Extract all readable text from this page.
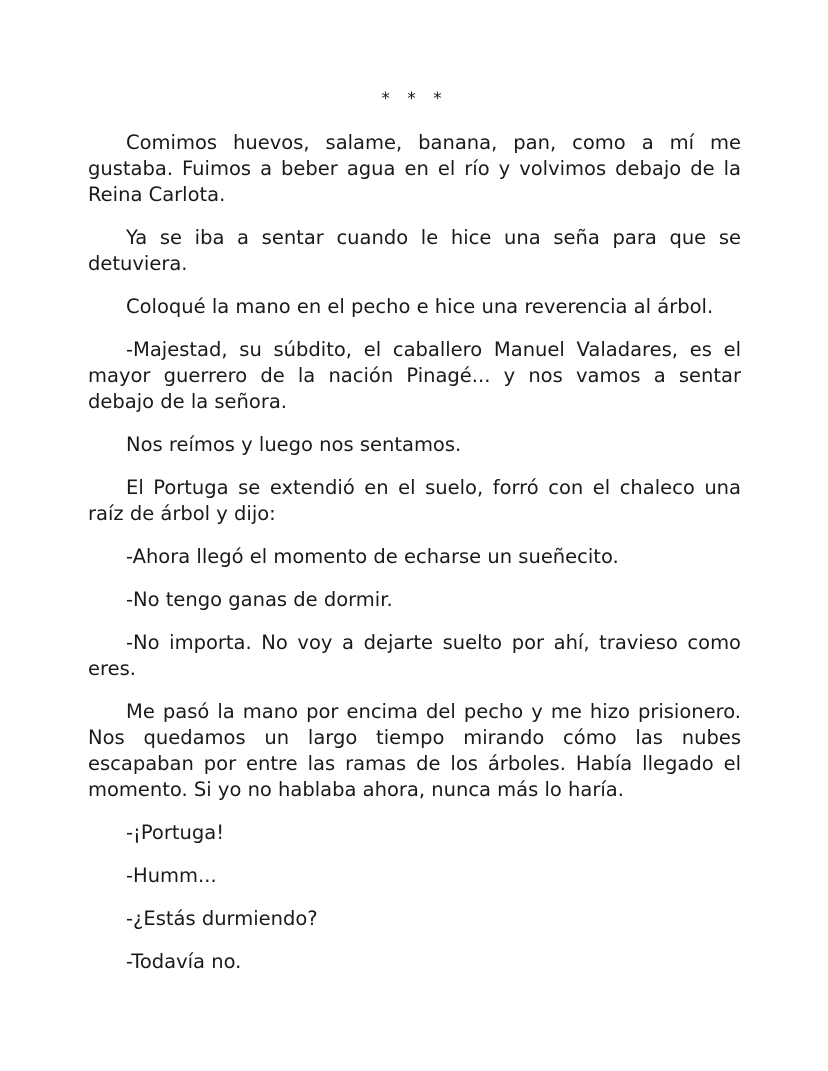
* * *

Comimos huevos, salame, banana, pan, como a mí me gustaba. Fuimos a beber agua en el río y volvimos debajo de la Reina Carlota.

Ya se iba a sentar cuando le hice una seña para que se detuviera.

Coloqué la mano en el pecho e hice una reverencia al árbol.

-Majestad, su súbdito, el caballero Manuel Valadares, es el mayor guerrero de la nación Pinagé... y nos vamos a sentar debajo de la señora.

Nos reímos y luego nos sentamos.

El Portuga se extendió en el suelo, forró con el chaleco una raíz de árbol y dijo:

-Ahora llegó el momento de echarse un sueñecito.

-No tengo ganas de dormir.

-No importa. No voy a dejarte suelto por ahí, travieso como eres.

Me pasó la mano por encima del pecho y me hizo prisionero. Nos quedamos un largo tiempo mirando cómo las nubes escapaban por entre las ramas de los árboles. Había llegado el momento. Si yo no hablaba ahora, nunca más lo haría.

-¡Portuga!

-Humm...

-¿Estás durmiendo?

-Todavía no.
